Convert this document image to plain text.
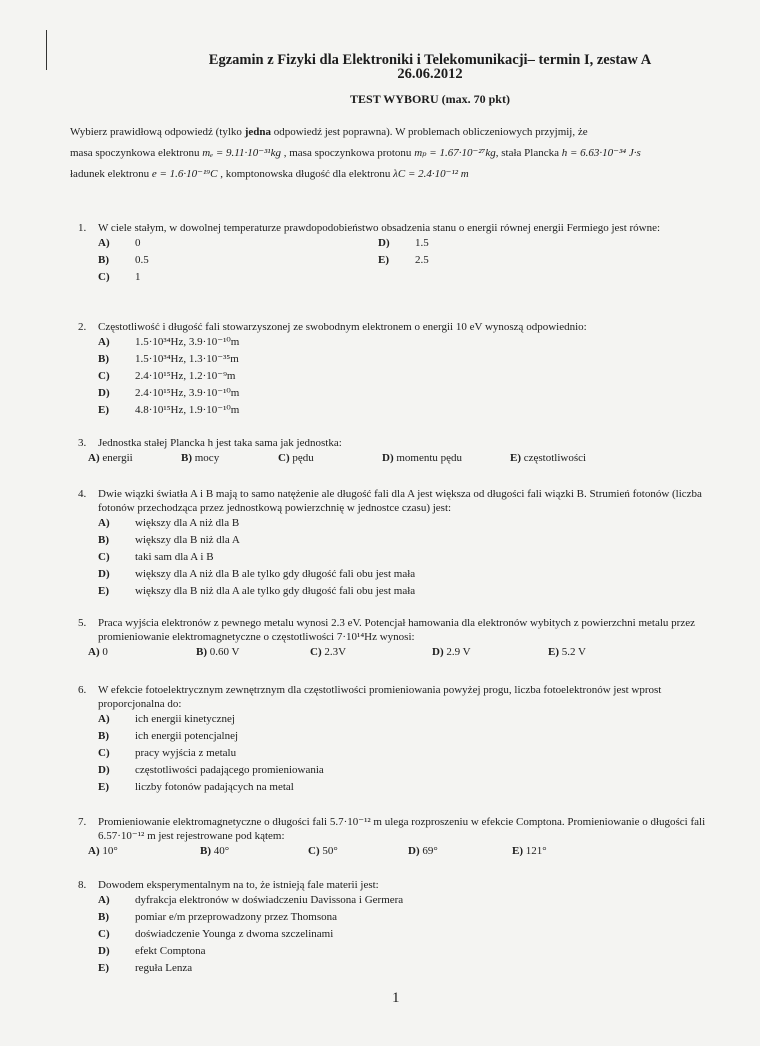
Egzamin z Fizyki dla Elektroniki i Telekomunikacji– termin I, zestaw A
26.06.2012
TEST WYBORU (max. 70 pkt)
Wybierz prawidłową odpowiedź (tylko jedna odpowiedź jest poprawna). W problemach obliczeniowych przyjmij, że
masa spoczynkowa elektronu mₑ = 9.11·10⁻³¹kg , masa spoczynkowa protonu mₚ = 1.67·10⁻²⁷kg, stała Plancka h = 6.63·10⁻³⁴ J·s
ładunek elektronu e = 1.6·10⁻¹⁹C , komptonowska długość dla elektronu λC = 2.4·10⁻¹² m
1. W ciele stałym, w dowolnej temperaturze prawdopodobieństwo obsadzenia stanu o energii równej energii Fermiego jest równe:
A) 0
B) 0.5
C) 1
D) 1.5
E) 2.5
2. Częstotliwość i długość fali stowarzyszonej ze swobodnym elektronem o energii 10 eV wynoszą odpowiednio:
A) 1.5·10³⁴Hz, 3.9·10⁻¹⁰m
B) 1.5·10³⁴Hz, 1.3·10⁻³⁵m
C) 2.4·10¹⁵Hz, 1.2·10⁻⁹m
D) 2.4·10¹⁵Hz, 3.9·10⁻¹⁰m
E) 4.8·10¹⁵Hz, 1.9·10⁻¹⁰m
3. Jednostka stałej Plancka h jest taka sama jak jednostka:
A) energii	B) mocy	C) pędu	D) momentu pędu	E) częstotliwości
4. Dwie wiązki światła A i B mają to samo natężenie ale długość fali dla A jest większa od długości fali wiązki B. Strumień fotonów (liczba fotonów przechodząca przez jednostkową powierzchnię w jednostce czasu) jest:
A) większy dla A niż dla B
B) większy dla B niż dla A
C) taki sam dla A i B
D) większy dla A niż dla B ale tylko gdy długość fali obu jest mała
E) większy dla B niż dla A ale tylko gdy długość fali obu jest mała
5. Praca wyjścia elektronów z pewnego metalu wynosi 2.3 eV. Potencjał hamowania dla elektronów wybitych z powierzchni metalu przez promieniowanie elektromagnetyczne o częstotliwości 7·10¹⁴Hz wynosi:
A) 0	B) 0.60 V	C) 2.3V	D) 2.9 V	E) 5.2 V
6. W efekcie fotoelektrycznym zewnętrznym dla częstotliwości promieniowania powyżej progu, liczba fotoelektronów jest wprost proporcjonalna do:
A) ich energii kinetycznej
B) ich energii potencjalnej
C) pracy wyjścia z metalu
D) częstotliwości padającego promieniowania
E) liczby fotonów padających na metal
7. Promieniowanie elektromagnetyczne o długości fali 5.7·10⁻¹² m ulega rozproszeniu w efekcie Comptona. Promieniowanie o długości fali 6.57·10⁻¹² m jest rejestrowane pod kątem:
A) 10°	B) 40°	C) 50°	D) 69°	E) 121°
8. Dowodem eksperymentalnym na to, że istnieją fale materii jest:
A) dyfrakcja elektronów w doświadczeniu Davissona i Germera
B) pomiar e/m przeprowadzony przez Thomsona
C) doświadczenie Younga z dwoma szczelinami
D) efekt Comptona
E) reguła Lenza
1
